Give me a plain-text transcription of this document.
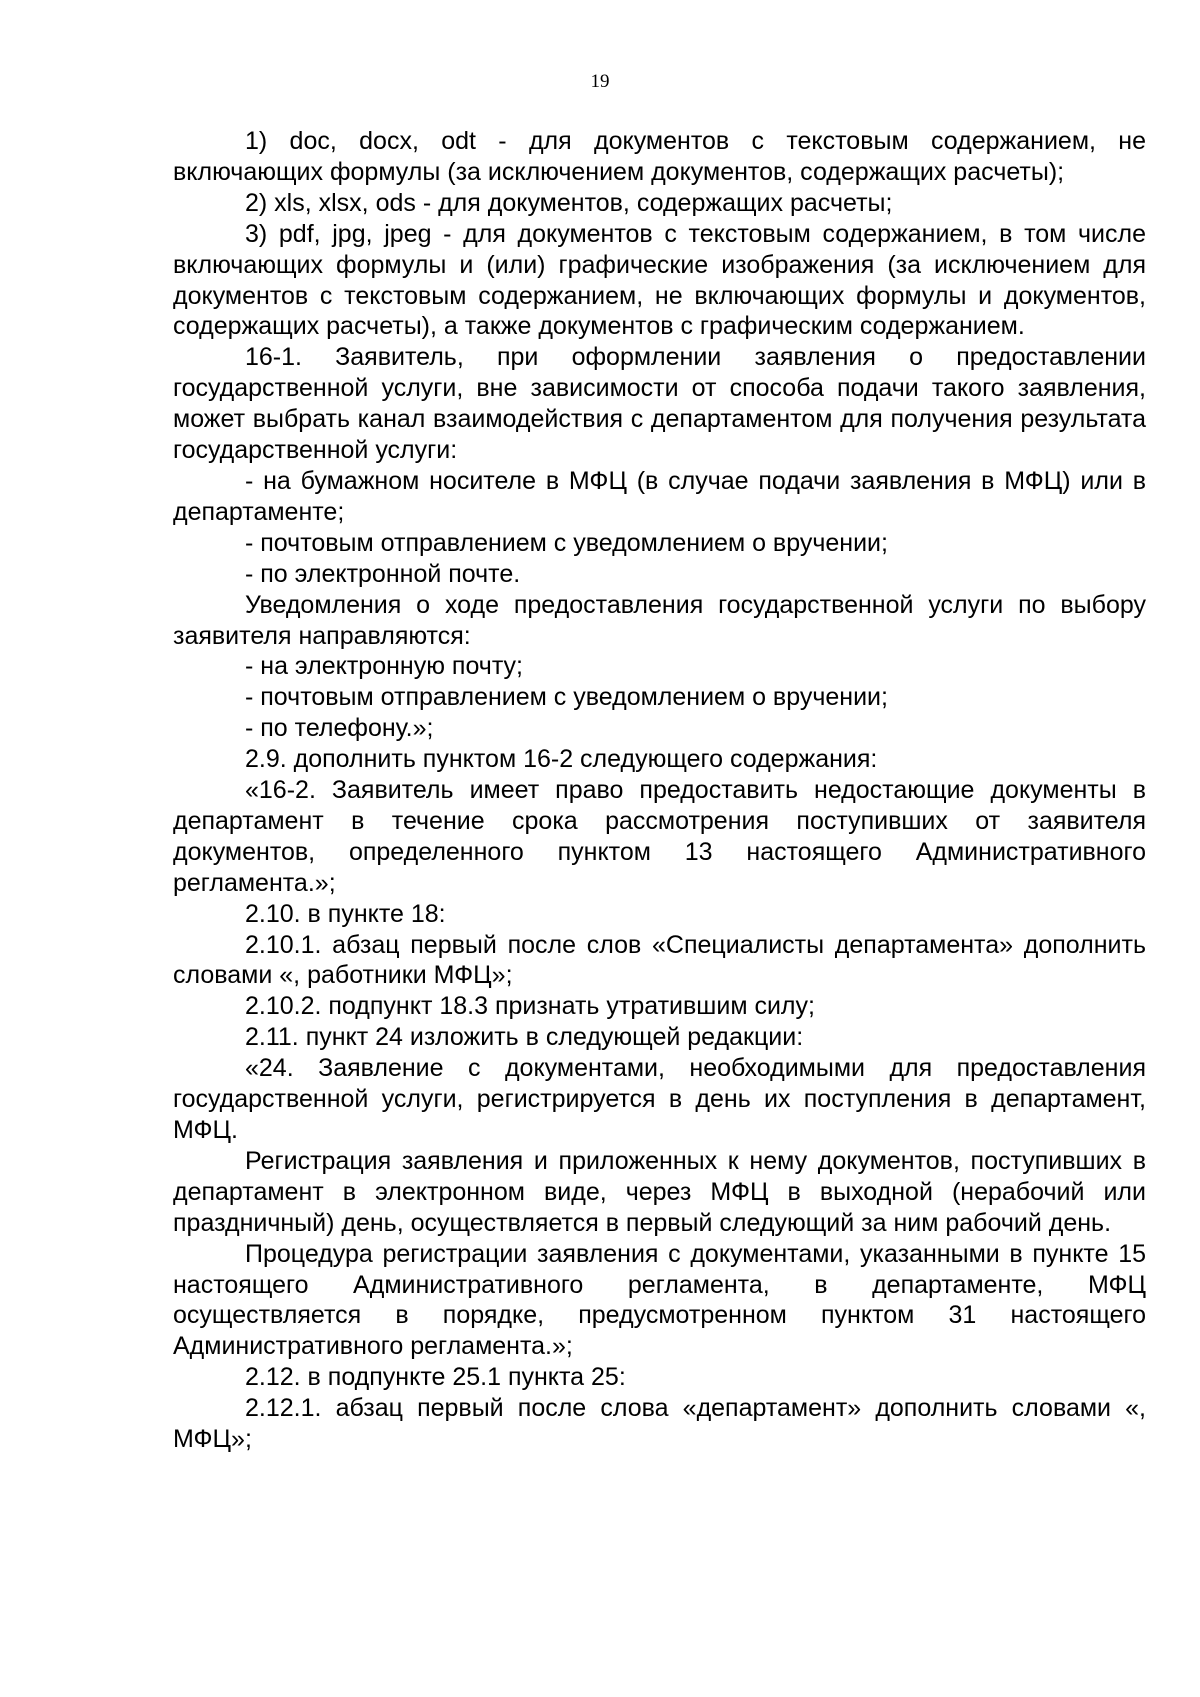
19

1) doc, docx, odt - для документов с текстовым содержанием, не включающих формулы (за исключением документов, содержащих расчеты);

2) xls, xlsx, ods - для документов, содержащих расчеты;

3) pdf, jpg, jpeg - для документов с текстовым содержанием, в том числе включающих формулы и (или) графические изображения (за исключением для документов с текстовым содержанием, не включающих формулы и документов, содержащих расчеты), а также документов с графическим содержанием.

16-1. Заявитель, при оформлении заявления о предоставлении государственной услуги, вне зависимости от способа подачи такого заявления, может выбрать канал взаимодействия с департаментом для получения результата государственной услуги:

- на бумажном носителе в МФЦ (в случае подачи заявления в МФЦ) или в департаменте;

- почтовым отправлением с уведомлением о вручении;

- по электронной почте.

Уведомления о ходе предоставления государственной услуги по выбору заявителя направляются:

- на электронную почту;

- почтовым отправлением с уведомлением о вручении;

- по телефону.»;

2.9. дополнить пунктом 16-2 следующего содержания:

«16-2. Заявитель имеет право предоставить недостающие документы в департамент в течение срока рассмотрения поступивших от заявителя документов, определенного пунктом 13 настоящего Административного регламента.»;

2.10. в пункте 18:

2.10.1. абзац первый после слов «Специалисты департамента» дополнить словами «, работники МФЦ»;

2.10.2. подпункт 18.3 признать утратившим силу;

2.11. пункт 24 изложить в следующей редакции:

«24. Заявление с документами, необходимыми для предоставления государственной услуги, регистрируется в день их поступления в департамент, МФЦ.

Регистрация заявления и приложенных к нему документов, поступивших в департамент в электронном виде, через МФЦ в выходной (нерабочий или праздничный) день, осуществляется в первый следующий за ним рабочий день.

Процедура регистрации заявления с документами, указанными в пункте 15 настоящего Административного регламента, в департаменте, МФЦ осуществляется в порядке, предусмотренном пунктом 31 настоящего Административного регламента.»;

2.12. в подпункте 25.1 пункта 25:

2.12.1. абзац первый после слова «департамент» дополнить словами «, МФЦ»;
